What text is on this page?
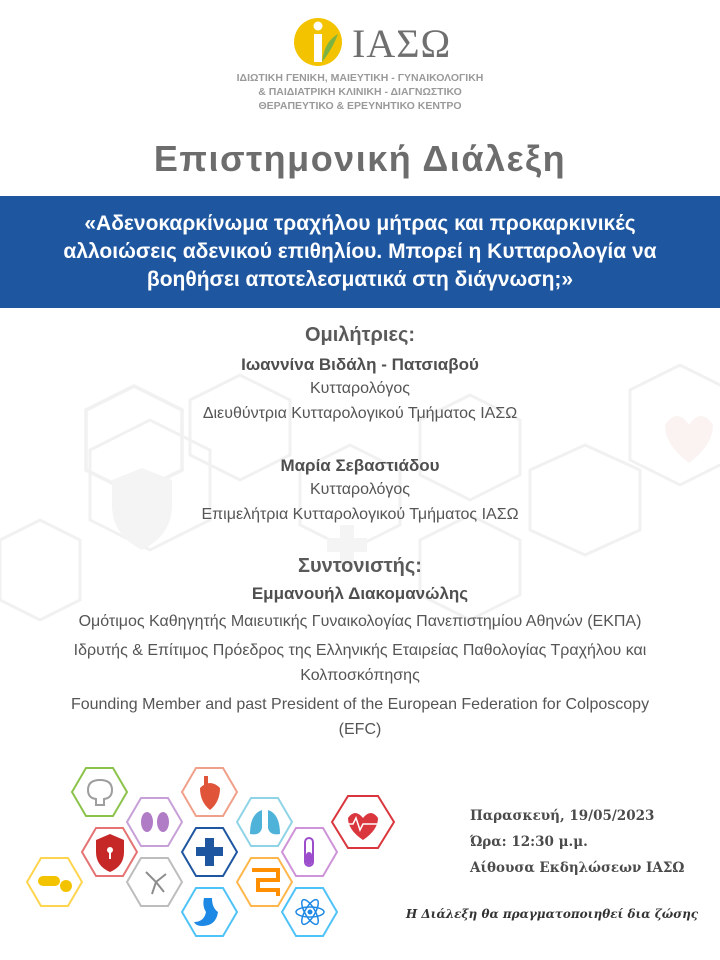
ΙΑΣΩ
ΙΔΙΩΤΙΚΗ ΓΕΝΙΚΗ, ΜΑΙΕΥΤΙΚΗ - ΓΥΝΑΙΚΟΛΟΓΙΚΗ
& ΠΑΙΔΙΑΤΡΙΚΗ ΚΛΙΝΙΚΗ - ΔΙΑΓΝΩΣΤΙΚΟ
ΘΕΡΑΠΕΥΤΙΚΟ & ΕΡΕΥΝΗΤΙΚΟ ΚΕΝΤΡΟ
Επιστημονική Διάλεξη
«Αδενοκαρκίνωμα τραχήλου μήτρας και προκαρκινικές
αλλοιώσεις αδενικού επιθηλίου. Μπορεί η Κυτταρολογία να
βοηθήσει αποτελεσματικά στη διάγνωση;»
Ομιλήτριες:
Ιωαννίνα Βιδάλη - Πατσιαβού
Κυτταρολόγος
Διευθύντρια Κυτταρολογικού Τμήματος ΙΑΣΩ
Μαρία Σεβαστιάδου
Κυτταρολόγος
Επιμελήτρια Κυτταρολογικού Τμήματος ΙΑΣΩ
Συντονιστής:
Εμμανουήλ Διακομανώλης
Ομότιμος Καθηγητής Μαιευτικής Γυναικολογίας Πανεπιστημίου Αθηνών (ΕΚΠΑ)
Ιδρυτής & Επίτιμος Πρόεδρος της Ελληνικής Εταιρείας Παθολογίας Τραχήλου και
Κολποσκόπησης
Founding Member and past President of the European Federation for Colposcopy
(EFC)
Παρασκευή, 19/05/2023
Ώρα: 12:30 μ.μ.
Αίθουσα Εκδηλώσεων ΙΑΣΩ
Η Διάλεξη θα πραγματοποιηθεί δια ζώσης
